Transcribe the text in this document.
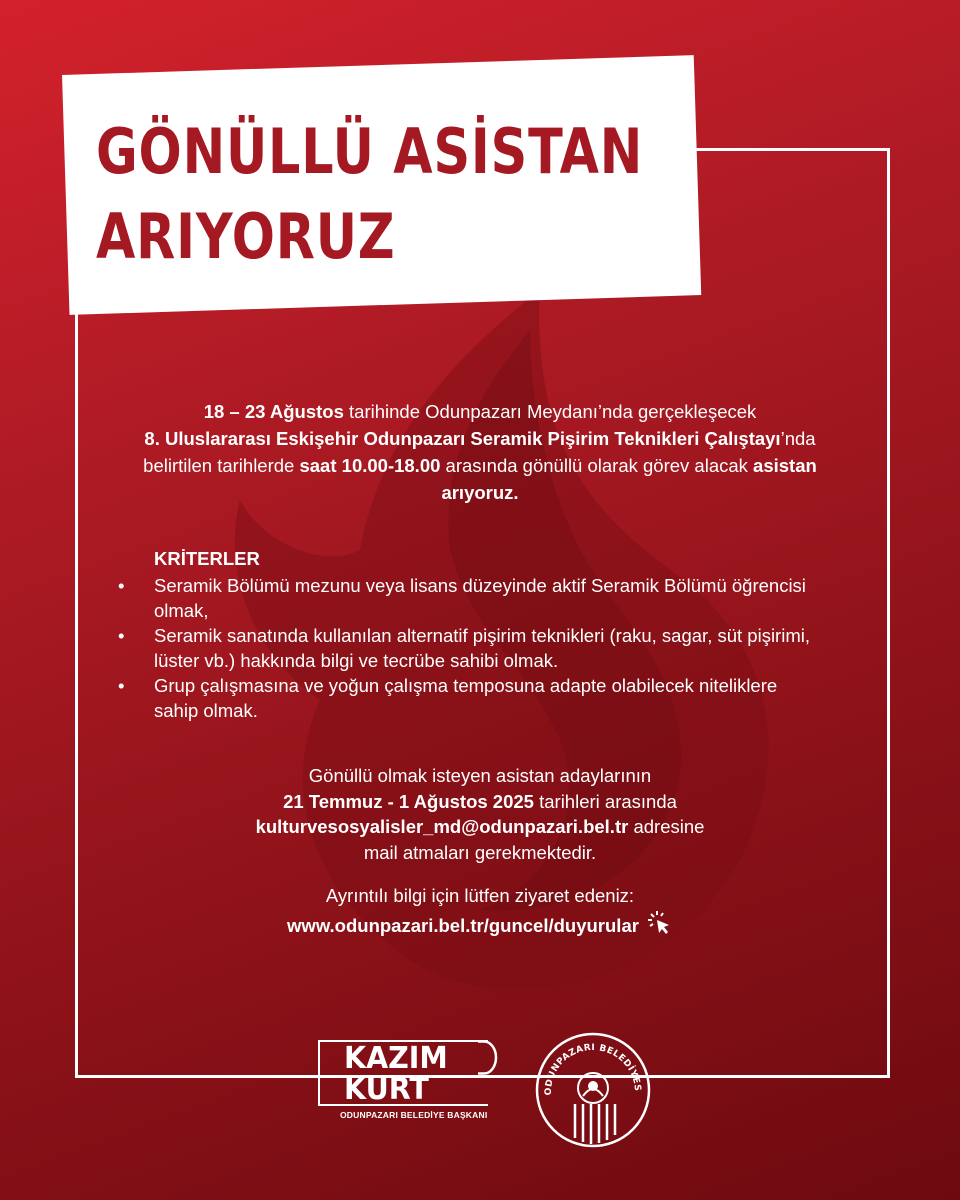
GÖNÜLLÜ ASİSTAN
ARIYORUZ
18 – 23 Ağustos tarihinde Odunpazarı Meydanı’nda gerçekleşecek
8. Uluslararası Eskişehir Odunpazarı Seramik Pişirim Teknikleri Çalıştayı’nda belirtilen tarihlerde saat 10.00-18.00 arasında gönüllü olarak görev alacak asistan arıyoruz.
KRİTERLER
• Seramik Bölümü mezunu veya lisans düzeyinde aktif Seramik Bölümü öğrencisi olmak,
• Seramik sanatında kullanılan alternatif pişirim teknikleri (raku, sagar, süt pişirimi, lüster vb.) hakkında bilgi ve tecrübe sahibi olmak.
• Grup çalışmasına ve yoğun çalışma temposuna adapte olabilecek niteliklere sahip olmak.
Gönüllü olmak isteyen asistan adaylarının
21 Temmuz - 1 Ağustos 2025 tarihleri arasında
kulturvesosyalisler_md@odunpazari.bel.tr adresine
mail atmaları gerekmektedir.
Ayrıntılı bilgi için lütfen ziyaret edeniz:
www.odunpazari.bel.tr/guncel/duyurular
KAZIM
KURT
ODUNPAZARI BELEDİYE BAŞKANI
ODUNPAZARI BELEDİYES
